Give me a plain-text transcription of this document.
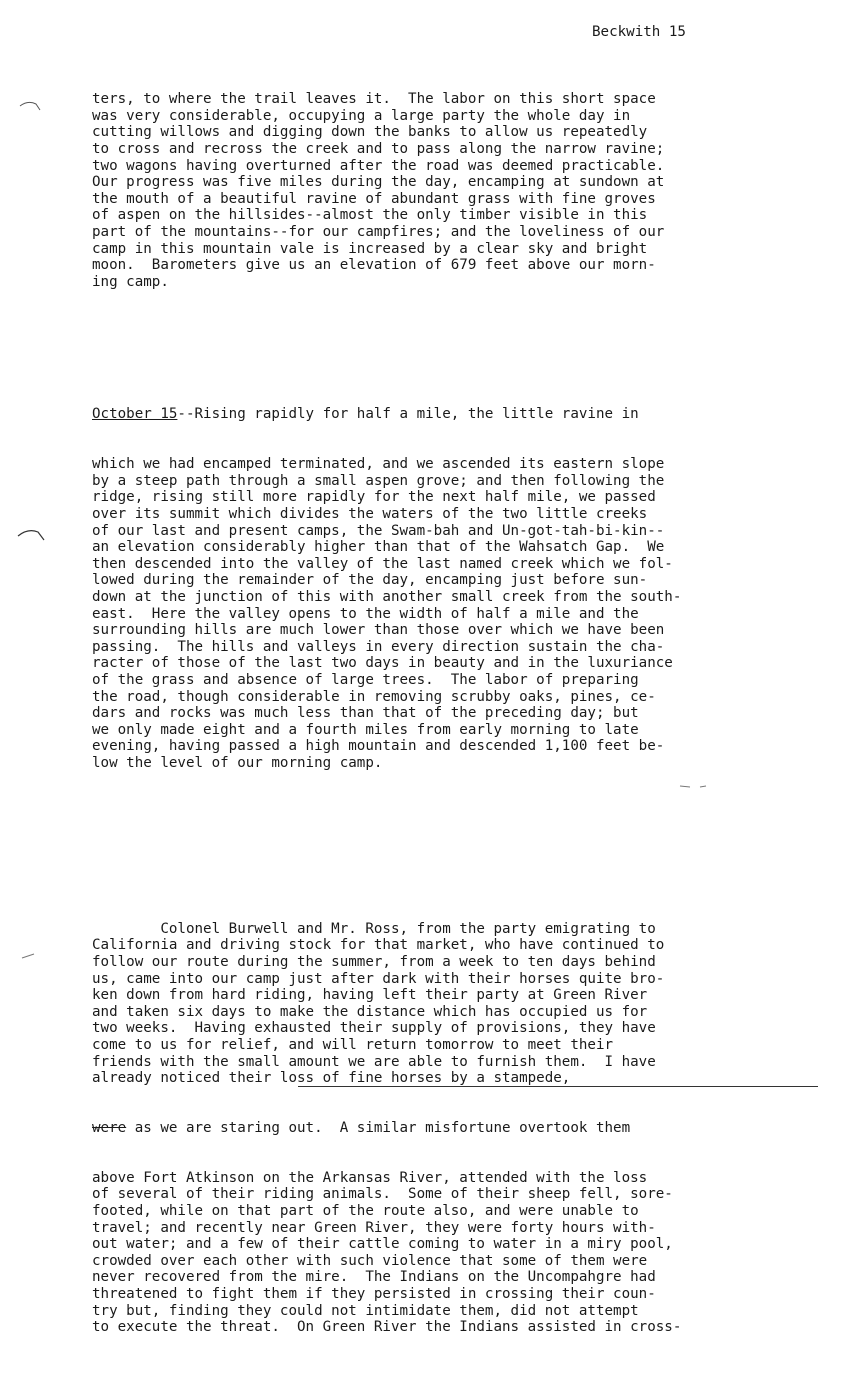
Beckwith 15

ters, to where the trail leaves it.  The labor on this short space
was very considerable, occupying a large party the whole day in
cutting willows and digging down the banks to allow us repeatedly
to cross and recross the creek and to pass along the narrow ravine;
two wagons having overturned after the road was deemed practicable.
Our progress was five miles during the day, encamping at sundown at
the mouth of a beautiful ravine of abundant grass with fine groves
of aspen on the hillsides--almost the only timber visible in this
part of the mountains--for our campfires; and the loveliness of our
camp in this mountain vale is increased by a clear sky and bright
moon.  Barometers give us an elevation of 679 feet above our morn-
ing camp.

October 15--Rising rapidly for half a mile, the little ravine in

which we had encamped terminated, and we ascended its eastern slope
by a steep path through a small aspen grove; and then following the
ridge, rising still more rapidly for the next half mile, we passed
over its summit which divides the waters of the two little creeks
of our last and present camps, the Swam-bah and Un-got-tah-bi-kin--
an elevation considerably higher than that of the Wahsatch Gap.  We
then descended into the valley of the last named creek which we fol-
lowed during the remainder of the day, encamping just before sun-
down at the junction of this with another small creek from the south-
east.  Here the valley opens to the width of half a mile and the
surrounding hills are much lower than those over which we have been
passing.  The hills and valleys in every direction sustain the cha-
racter of those of the last two days in beauty and in the luxuriance
of the grass and absence of large trees.  The labor of preparing
the road, though considerable in removing scrubby oaks, pines, ce-
dars and rocks was much less than that of the preceding day; but
we only made eight and a fourth miles from early morning to late
evening, having passed a high mountain and descended 1,100 feet be-
low the level of our morning camp.

Colonel Burwell and Mr. Ross, from the party emigrating to
California and driving stock for that market, who have continued to
follow our route during the summer, from a week to ten days behind
us, came into our camp just after dark with their horses quite bro-
ken down from hard riding, having left their party at Green River
and taken six days to make the distance which has occupied us for
two weeks.  Having exhausted their supply of provisions, they have
come to us for relief, and will return tomorrow to meet their
friends with the small amount we are able to furnish them.  I have
already noticed their loss of fine horses by a stampede,

were as we are staring out.  A similar misfortune overtook them

above Fort Atkinson on the Arkansas River, attended with the loss
of several of their riding animals.  Some of their sheep fell, sore-
footed, while on that part of the route also, and were unable to
travel; and recently near Green River, they were forty hours with-
out water; and a few of their cattle coming to water in a miry pool,
crowded over each other with such violence that some of them were
never recovered from the mire.  The Indians on the Uncompahgre had
threatened to fight them if they persisted in crossing their coun-
try but, finding they could not intimidate them, did not attempt
to execute the threat.  On Green River the Indians assisted in cross-
